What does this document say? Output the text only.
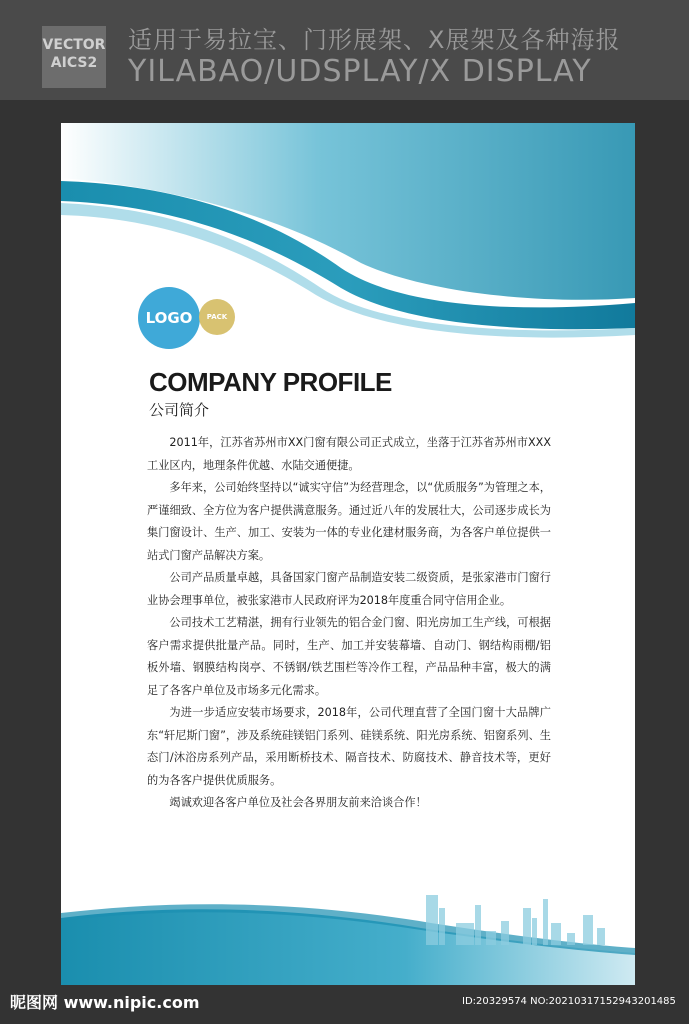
VECTOR
AICS2
适用于易拉宝、门形展架、X展架及各种海报
YILABAO/UDSPLAY/X DISPLAY
LOGO	PACK
COMPANY PROFILE
公司简介

2011年，江苏省苏州市XX门窗有限公司正式成立，坐落于江苏省苏州市XXX工业区内，地理条件优越、水陆交通便捷。

多年来，公司始终坚持以“诚实守信”为经营理念，以“优质服务”为管理之本，严谨细致、全方位为客户提供满意服务。通过近八年的发展壮大，公司逐步成长为集门窗设计、生产、加工、安装为一体的专业化建材服务商，为各客户单位提供一站式门窗产品解决方案。

公司产品质量卓越，具备国家门窗产品制造安装二级资质，是张家港市门窗行业协会理事单位，被张家港市人民政府评为2018年度重合同守信用企业。

公司技术工艺精湛，拥有行业领先的铝合金门窗、阳光房加工生产线，可根据客户需求提供批量产品。同时，生产、加工并安装幕墙、自动门、钢结构雨棚/铝板外墙、钢膜结构岗亭、不锈钢/铁艺围栏等冷作工程，产品品种丰富，极大的满足了各客户单位及市场多元化需求。

为进一步适应安装市场要求，2018年，公司代理直营了全国门窗十大品牌广东“轩尼斯门窗”，涉及系统硅镁铝门系列、硅镁系统、阳光房系统、铝窗系列、生态门/沐浴房系列产品，采用断桥技术、隔音技术、防腐技术、静音技术等，更好的为各客户提供优质服务。

竭诚欢迎各客户单位及社会各界朋友前来洽谈合作！

昵图网 www.nipic.com	ID:20329574 NO:20210317152943201485
